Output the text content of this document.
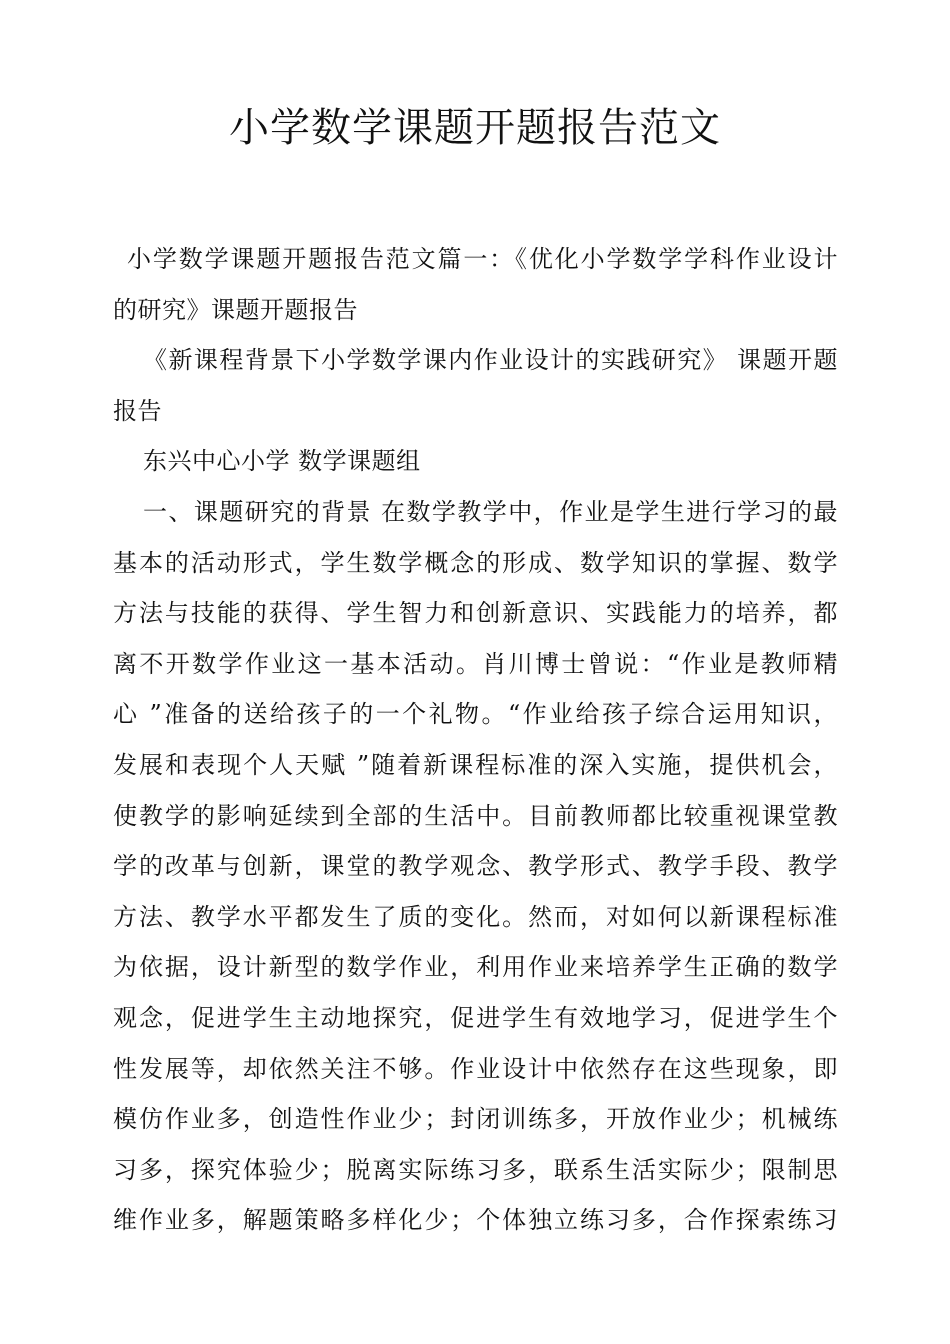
小学数学课题开题报告范文
小学数学课题开题报告范文篇一：《优化小学数学学科作业设计
的研究》课题开题报告
《新课程背景下小学数学课内作业设计的实践研究》 课题开题
报告
东兴中心小学 数学课题组
一、课题研究的背景 在数学教学中，作业是学生进行学习的最
基本的活动形式，学生数学概念的形成、数学知识的掌握、数学
方法与技能的获得、学生智力和创新意识、实践能力的培养，都
离不开数学作业这一基本活动。肖川博士曾说：“作业是教师精
心 ”准备的送给孩子的一个礼物。“作业给孩子综合运用知识，
发展和表现个人天赋 ”随着新课程标准的深入实施，提供机会，
使教学的影响延续到全部的生活中。目前教师都比较重视课堂教
学的改革与创新，课堂的教学观念、教学形式、教学手段、教学
方法、教学水平都发生了质的变化。然而，对如何以新课程标准
为依据，设计新型的数学作业，利用作业来培养学生正确的数学
观念，促进学生主动地探究，促进学生有效地学习，促进学生个
性发展等，却依然关注不够。作业设计中依然存在这些现象，即
模仿作业多，创造性作业少；封闭训练多，开放作业少；机械练
习多，探究体验少；脱离实际练习多，联系生活实际少；限制思
维作业多，解题策略多样化少；个体独立练习多，合作探索练习
